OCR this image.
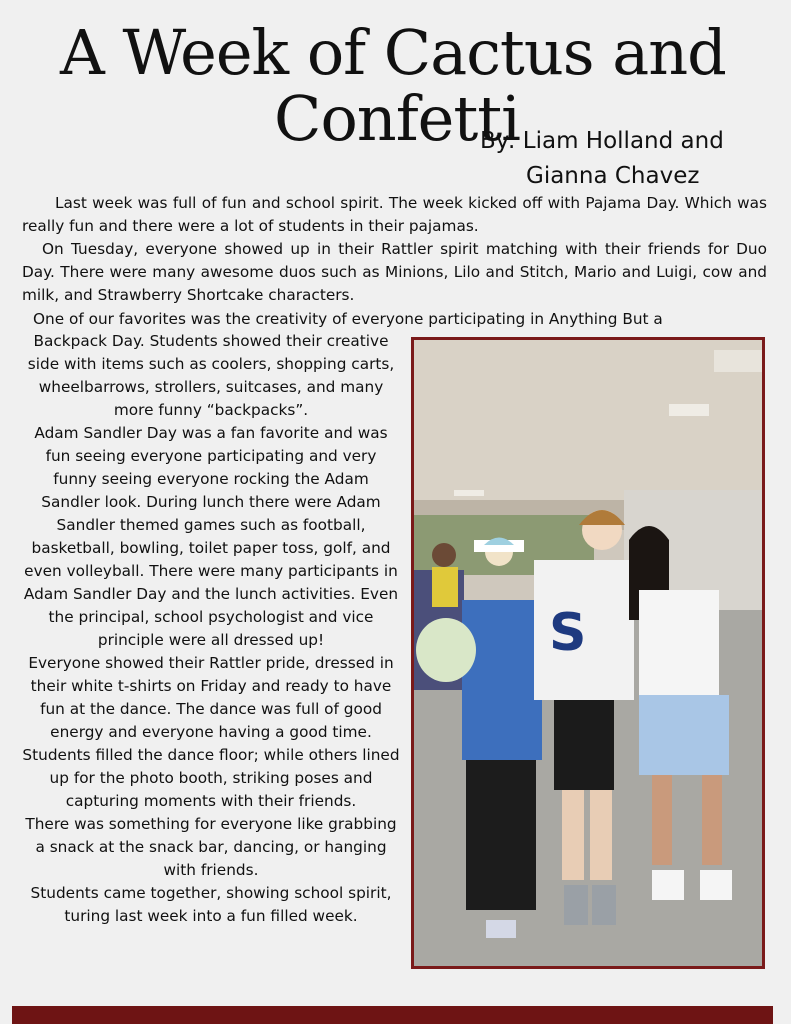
A Week of Cactus and
Confetti
By: Liam Holland and
Gianna Chavez

Last week was full of fun and school spirit. The week kicked off with Pajama Day. Which was really fun and there were a lot of students in their pajamas.

On Tuesday, everyone showed up in their Rattler spirit matching with their friends for Duo Day. There were many awesome duos such as Minions, Lilo and Stitch, Mario and Luigi, cow and milk, and Strawberry Shortcake characters.

One of our favorites was the creativity of everyone participating in Anything But a

Backpack Day. Students showed their creative side with items such as coolers, shopping carts, wheelbarrows, strollers, suitcases, and many more funny “backpacks”.

Adam Sandler Day was a fan favorite and was fun seeing everyone participating and very funny seeing everyone rocking the Adam Sandler look. During lunch there were Adam Sandler themed games such as football, basketball, bowling, toilet paper toss, golf, and even volleyball. There were many participants in Adam Sandler Day and the lunch activities. Even the principal, school psychologist and vice principle were all dressed up!

Everyone showed their Rattler pride, dressed in their white t-shirts on Friday and ready to have fun at the dance. The dance was full of good energy and everyone having a good time. Students filled the dance floor; while others lined up for the photo booth, striking poses and capturing moments with their friends.

There was something for everyone like grabbing a snack at the snack bar, dancing, or hanging with friends.

Students came together, showing school spirit, turing last week into a fun filled week.

S
